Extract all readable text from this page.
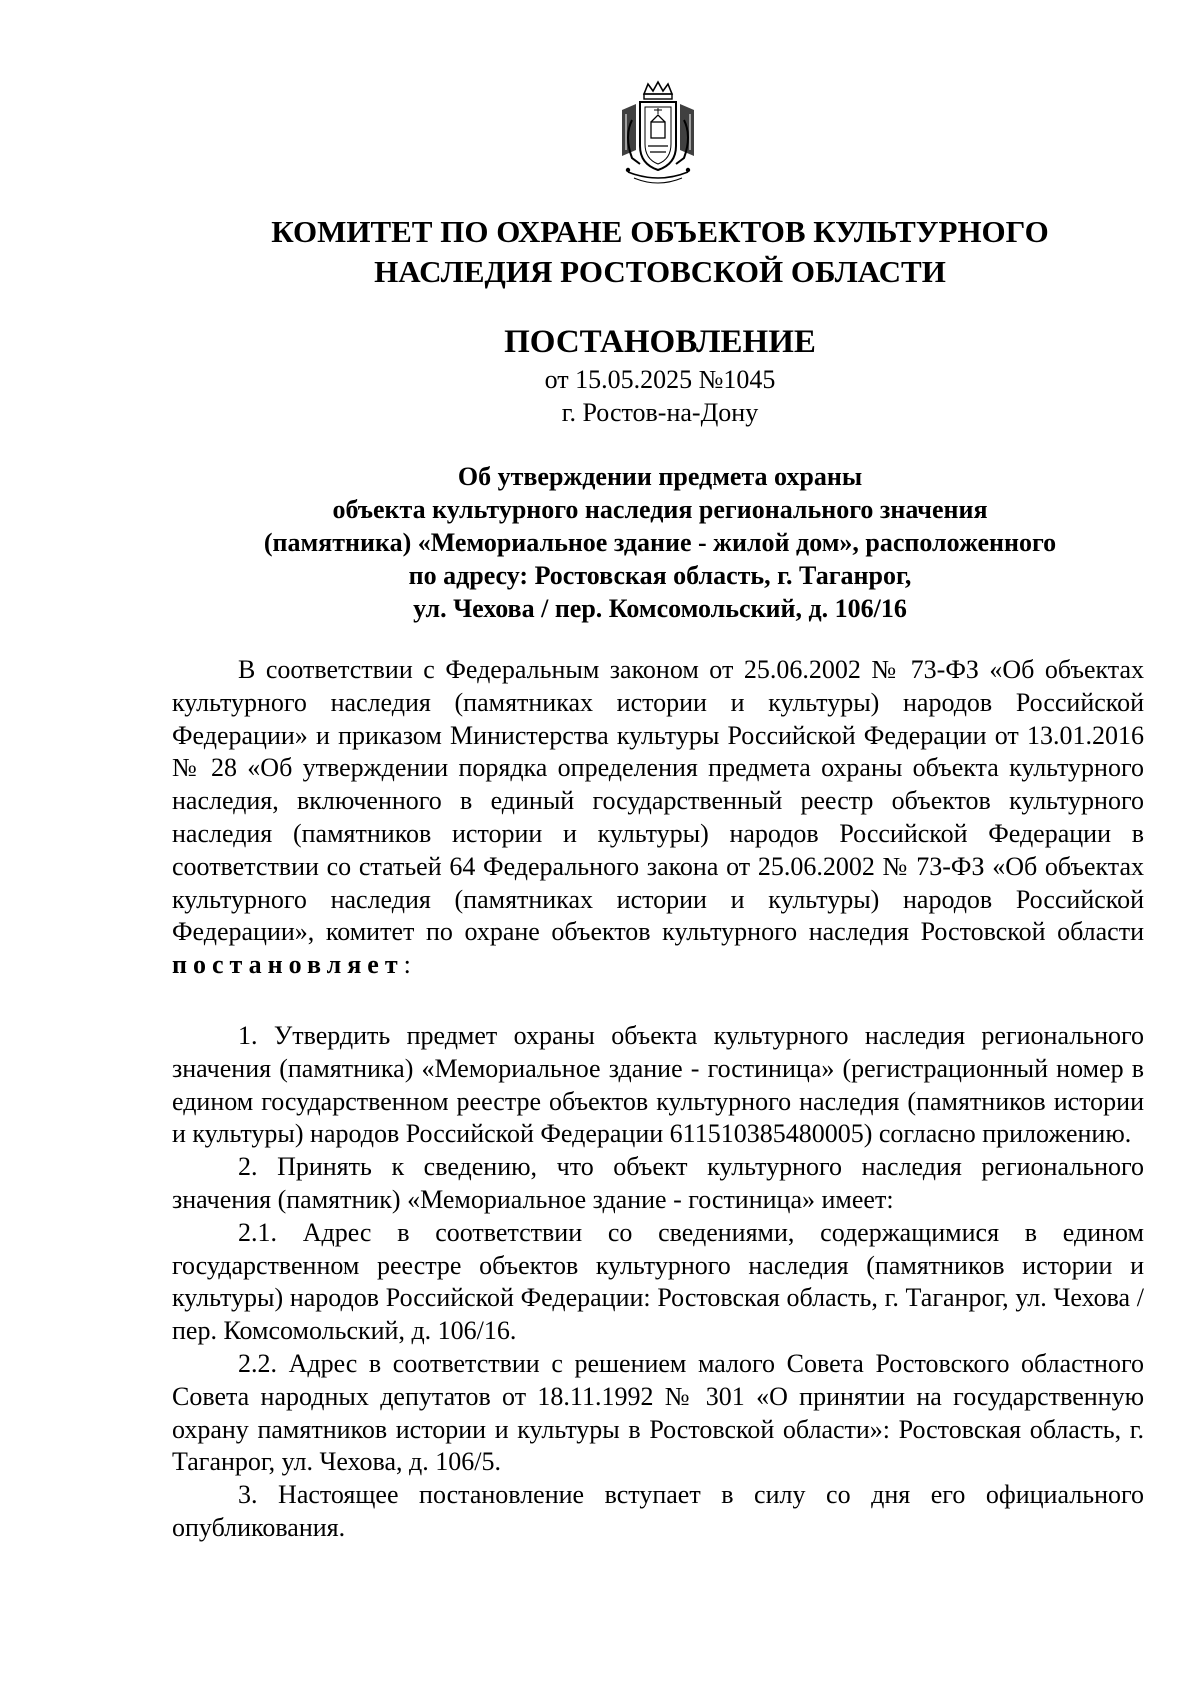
КОМИТЕТ ПО ОХРАНЕ ОБЪЕКТОВ КУЛЬТУРНОГО
НАСЛЕДИЯ РОСТОВСКОЙ ОБЛАСТИ
ПОСТАНОВЛЕНИЕ
от 15.05.2025 №1045
г. Ростов-на-Дону
Об утверждении предмета охраны
объекта культурного наследия регионального значения
(памятника) «Мемориальное здание - жилой дом», расположенного
по адресу: Ростовская область, г. Таганрог,
ул. Чехова / пер. Комсомольский, д. 106/16

В соответствии с Федеральным законом от 25.06.2002 № 73-ФЗ «Об объектах культурного наследия (памятниках истории и культуры) народов Российской Федерации» и приказом Министерства культуры Российской Федерации от 13.01.2016 № 28 «Об утверждении порядка определения предмета охраны объекта культурного наследия, включенного в единый государственный реестр объектов культурного наследия (памятников истории и культуры) народов Российской Федерации в соответствии со статьей 64 Федерального закона от 25.06.2002 № 73-ФЗ «Об объектах культурного наследия (памятниках истории и культуры) народов Российской Федерации», комитет по охране объектов культурного наследия Ростовской области постановляет:

1. Утвердить предмет охраны объекта культурного наследия регионального значения (памятника) «Мемориальное здание - гостиница» (регистрационный номер в едином государственном реестре объектов культурного наследия (памятников истории и культуры) народов Российской Федерации 611510385480005) согласно приложению.

2. Принять к сведению, что объект культурного наследия регионального значения (памятник) «Мемориальное здание - гостиница» имеет:

2.1. Адрес в соответствии со сведениями, содержащимися в едином государственном реестре объектов культурного наследия (памятников истории и культуры) народов Российской Федерации: Ростовская область, г. Таганрог, ул. Чехова / пер. Комсомольский, д. 106/16.

2.2. Адрес в соответствии с решением малого Совета Ростовского областного Совета народных депутатов от 18.11.1992 № 301 «О принятии на государственную охрану памятников истории и культуры в Ростовской области»: Ростовская область, г. Таганрог, ул. Чехова, д. 106/5.

3. Настоящее постановление вступает в силу со дня его официального опубликования.
